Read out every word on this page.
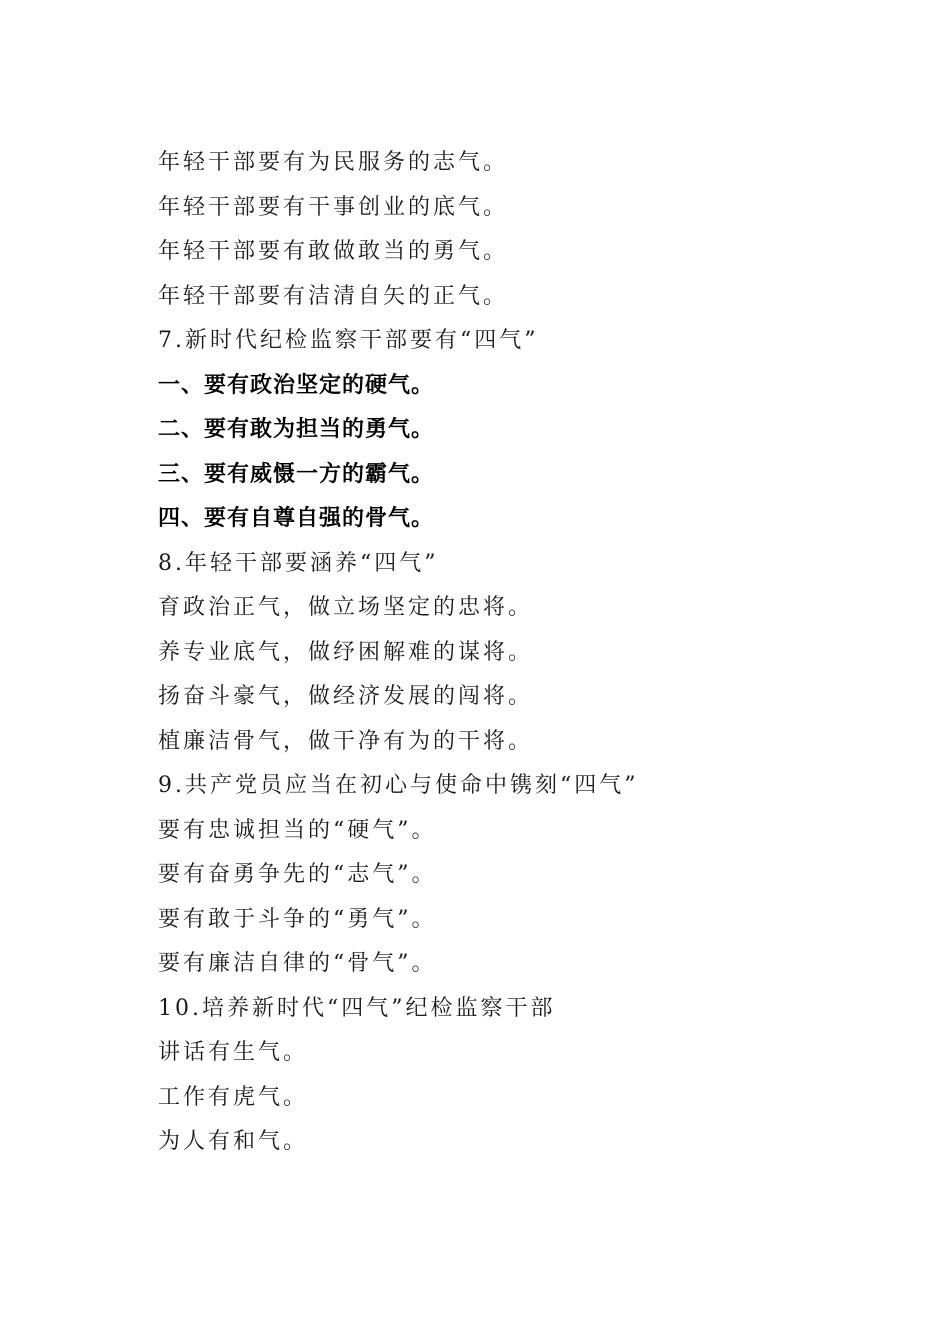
年轻干部要有为民服务的志气。
年轻干部要有干事创业的底气。
年轻干部要有敢做敢当的勇气。
年轻干部要有洁清自矢的正气。
7.新时代纪检监察干部要有“四气”
一、要有政治坚定的硬气。
二、要有敢为担当的勇气。
三、要有威慑一方的霸气。
四、要有自尊自强的骨气。
8.年轻干部要涵养“四气”
育政治正气，做立场坚定的忠将。
养专业底气，做纾困解难的谋将。
扬奋斗豪气，做经济发展的闯将。
植廉洁骨气，做干净有为的干将。
9.共产党员应当在初心与使命中镌刻“四气”
要有忠诚担当的“硬气”。
要有奋勇争先的“志气”。
要有敢于斗争的“勇气”。
要有廉洁自律的“骨气”。
10.培养新时代“四气”纪检监察干部
讲话有生气。
工作有虎气。
为人有和气。
